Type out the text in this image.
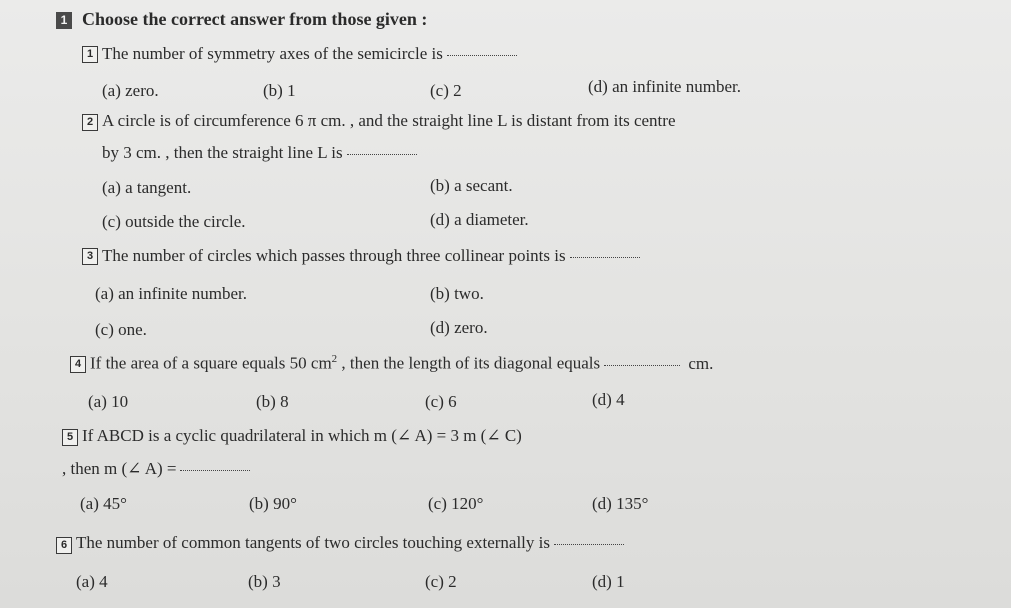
1 Choose the correct answer from those given :
1 The number of symmetry axes of the semicircle is
(a) zero.	(b) 1	(c) 2	(d) an infinite number.
2 A circle is of circumference 6 π cm. , and the straight line L is distant from its centre
by 3 cm. , then the straight line L is
(a) a tangent.	(b) a secant.
(c) outside the circle.	(d) a diameter.
3 The number of circles which passes through three collinear points is
(a) an infinite number.	(b) two.
(c) one.	(d) zero.
4 If the area of a square equals 50 $cm^2$ , then the length of its diagonal equals	cm.
(a) 10	(b) 8	(c) 6	(d) 4
5 If ABCD is a cyclic quadrilateral in which m (∠ A) = 3 m (∠ C)
, then m (∠ A) =
(a) 45°	(b) 90°	(c) 120°	(d) 135°
6 The number of common tangents of two circles touching externally is
(a) 4	(b) 3	(c) 2	(d) 1
